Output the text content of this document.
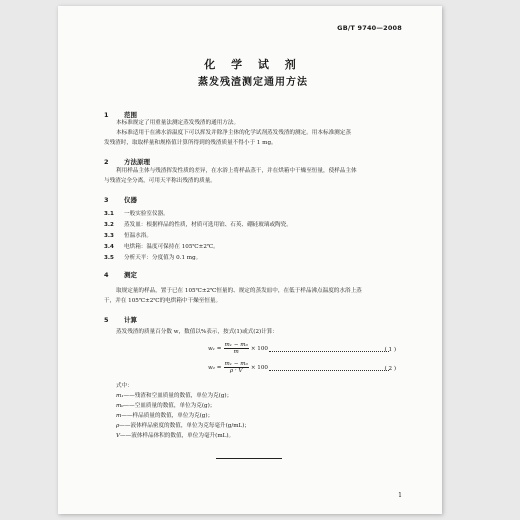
GB/T 9740—2008
化 学 试 剂
蒸发残渣测定通用方法
1 范围
本标准规定了用重量法测定蒸发残渣的通用方法。
本标准适用于在沸水浴温度下可以挥发并除净主体的化学试剂蒸发残渣的测定。用本标准测定蒸
发残渣时，取取样量和规格值计算所得到的残渣质量不得小于 1 mg。
2 方法原理
利用样品主体与残渣挥发性质的差异，在水浴上将样品蒸干，并在烘箱中干燥至恒量，使样品主体
与残渣完全分离，可用天平称出残渣的质量。
3 仪器
3.1 一般实验室仪器。
3.2 蒸发皿：根据样品的性质，材质可选用铂、石英、硼硅玻璃或陶瓷。
3.3 恒温水浴。
3.4 电烘箱：温度可保持在 105℃±2℃。
3.5 分析天平：分度值为 0.1 mg。
4 测定
取规定量的样品，置于已在 105℃±2℃恒量的、规定的蒸发皿中，在低于样品沸点温度的水浴上蒸
干，并在 105℃±2℃的电烘箱中干燥至恒量。
5 计算
蒸发残渣的质量百分数 w，数值以%表示，按式(1)或式(2)计算：
$w_1 = \frac{\text{m₁ − m₀}}{m} \times 100$	( 1 )
$w_2 = \frac{\text{m₁ − m₀}}{\rho \cdot V} \times 100$	( 2 )
式中：
m₁——残渣和空皿质量的数值，单位为克(g)；
m₀——空皿质量的数值，单位为克(g)；
m——样品质量的数值，单位为克(g)；
ρ——液体样品密度的数值，单位为克每毫升(g/mL)；
V——液体样品体积的数值，单位为毫升(mL)。
1
